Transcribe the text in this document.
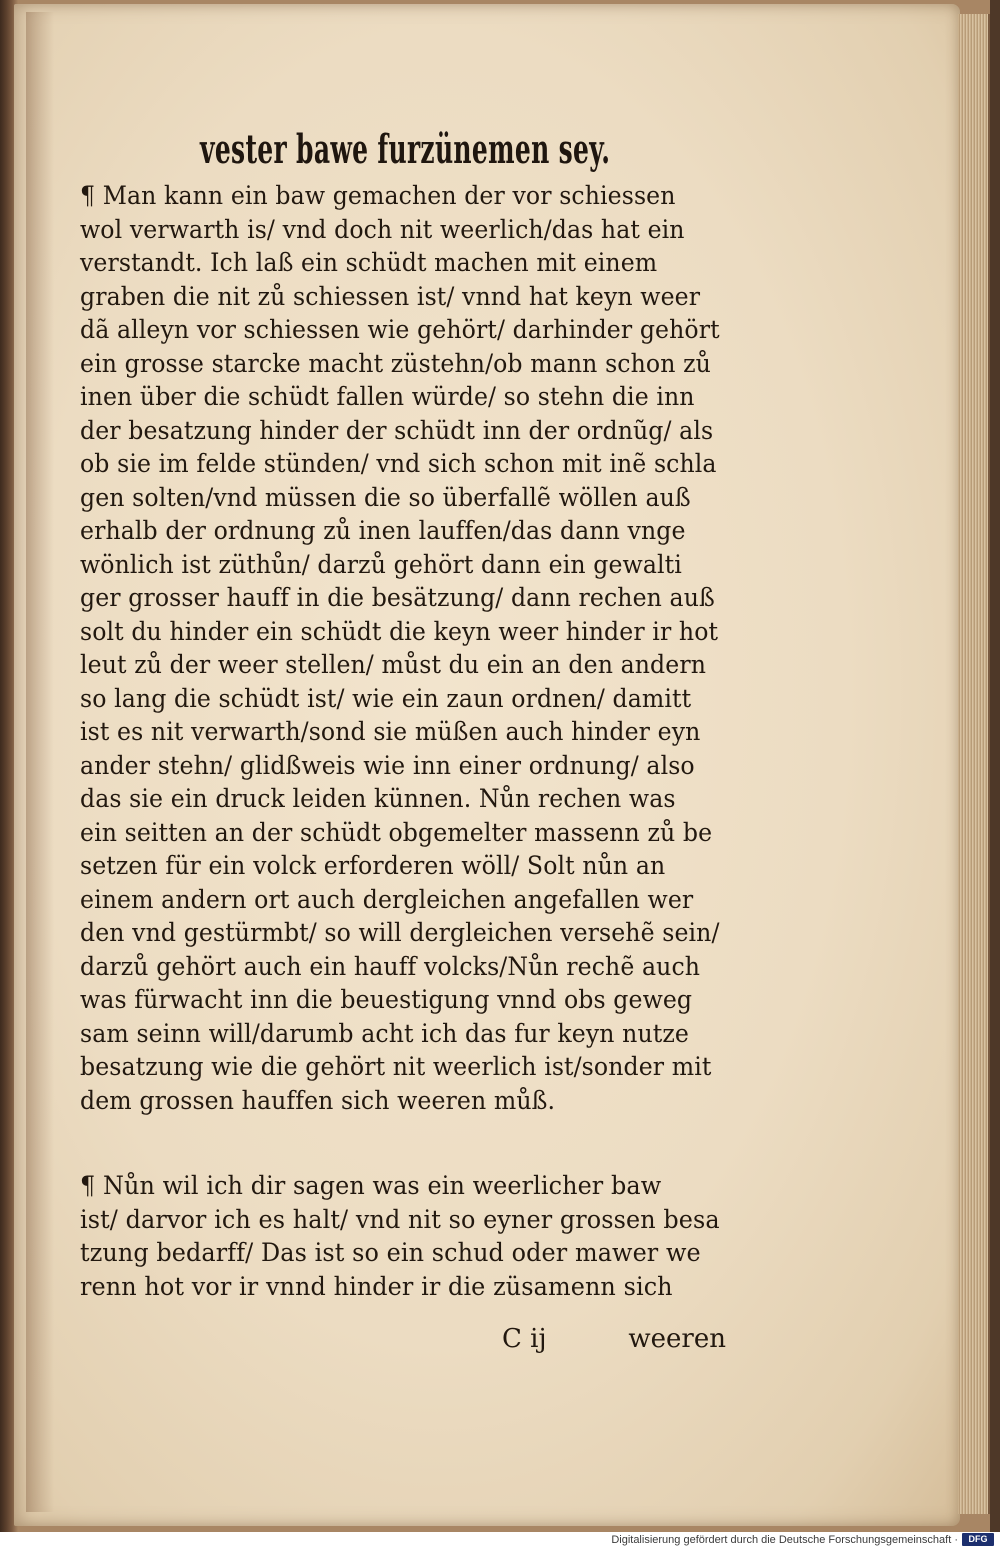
vester bawe furzünemen sey.
¶ Man kann ein baw gemachen der vor schiessen
wol verwarth is/ vnd doch nit weerlich/das hat ein
verstandt. Ich laß ein schüdt machen mit einem
graben die nit zů schiessen ist/ vnnd hat keyn weer
dã alleyn vor schiessen wie gehört/ darhinder gehört
ein grosse starcke macht züstehn/ob mann schon zů
inen über die schüdt fallen würde/ so stehn die inn
der besatzung hinder der schüdt inn der ordnũg/ als
ob sie im felde stünden/ vnd sich schon mit inẽ schla
gen solten/vnd müssen die so überfallẽ wöllen auß
erhalb der ordnung zů inen lauffen/das dann vnge
wönlich ist züthůn/ darzů gehört dann ein gewalti
ger grosser hauff in die besätzung/ dann rechen auß
solt du hinder ein schüdt die keyn weer hinder ir hot
leut zů der weer stellen/ můst du ein an den andern
so lang die schüdt ist/ wie ein zaun ordnen/ damitt
ist es nit verwarth/sond sie müßen auch hinder eyn
ander stehn/ glidßweis wie inn einer ordnung/ also
das sie ein druck leiden künnen. Nůn rechen was
ein seitten an der schüdt obgemelter massenn zů be
setzen für ein volck erforderen wöll/ Solt nůn an
einem andern ort auch dergleichen angefallen wer
den vnd gestürmbt/ so will dergleichen versehẽ sein/
darzů gehört auch ein hauff volcks/Nůn rechẽ auch
was fürwacht inn die beuestigung vnnd obs geweg
sam seinn will/darumb acht ich das fur keyn nutze
besatzung wie die gehört nit weerlich ist/sonder mit
dem grossen hauffen sich weeren můß.
¶ Nůn wil ich dir sagen was ein weerlicher baw
ist/ darvor ich es halt/ vnd nit so eyner grossen besa
tzung bedarff/ Das ist so ein schud oder mawer we
renn hot vor ir vnnd hinder ir die züsamenn sich
C ij	weeren
Digitalisierung gefördert durch die Deutsche Forschungsgemeinschaft ·	DFG
